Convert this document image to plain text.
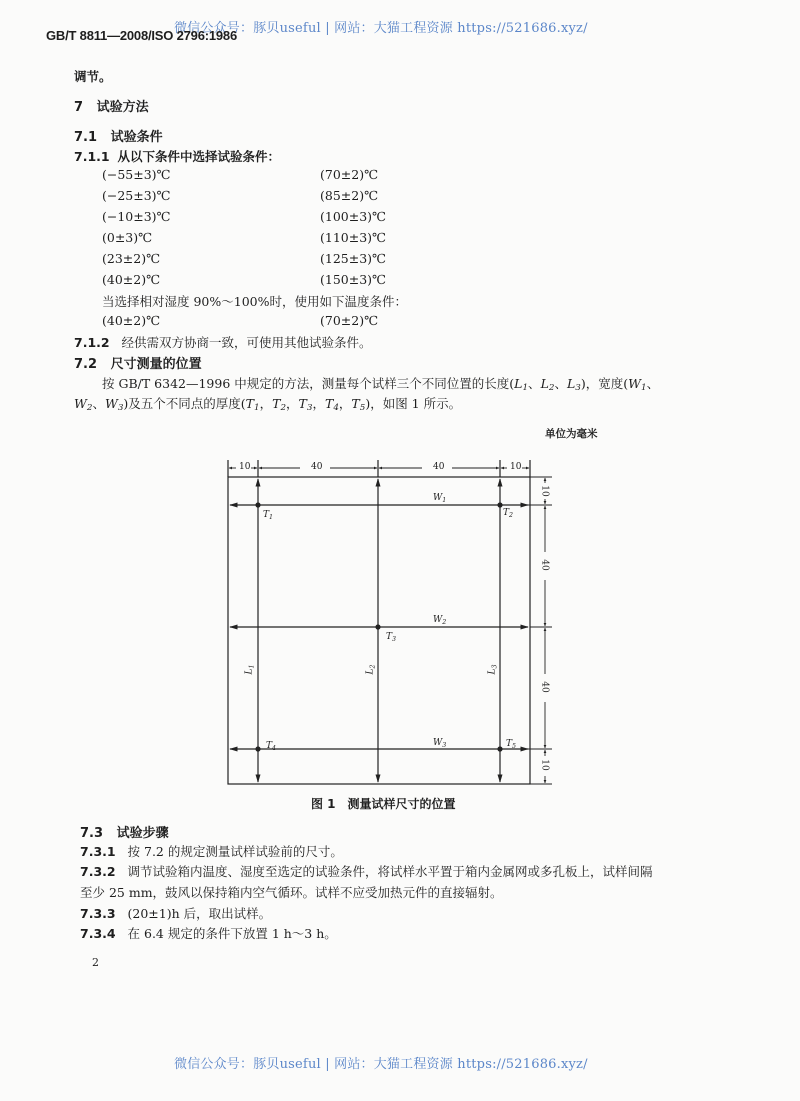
微信公众号：豚贝useful | 网站：大猫工程资源 https://521686.xyz/
GB/T 8811—2008/ISO 2796:1986
调节。
7 试验方法
7.1 试验条件
7.1.1 从以下条件中选择试验条件：
(−55±3)℃	(70±2)℃
(−25±3)℃	(85±2)℃
(−10±3)℃	(100±3)℃
(0±3)℃	(110±3)℃
(23±2)℃	(125±3)℃
(40±2)℃	(150±3)℃
当选择相对湿度 90%～100%时，使用如下温度条件：
(40±2)℃	(70±2)℃
7.1.2 经供需双方协商一致，可使用其他试验条件。
7.2 尺寸测量的位置
按 GB/T 6342—1996 中规定的方法，测量每个试样三个不同位置的长度($L_1$、$L_2$、$L_3$)，宽度($W_1$、
$W_2$、$W_3$)及五个不同点的厚度($T_1$，$T_2$，$T_3$，$T_4$，$T_5$)，如图 1 所示。
单位为毫米
10	40	40	10
10
40
40
10
$T_1$	$T_2$
$T_3$
$T_4$	$T_5$
$W_1$
$W_2$
$W_3$
$L_1$
$L_2$
$L_3$
图 1　测量试样尺寸的位置
7.3 试验步骤
7.3.1 按 7.2 的规定测量试样试验前的尺寸。
7.3.2 调节试验箱内温度、湿度至选定的试验条件，将试样水平置于箱内金属网或多孔板上，试样间隔
至少 25 mm，鼓风以保持箱内空气循环。试样不应受加热元件的直接辐射。
7.3.3 (20±1)h 后，取出试样。
7.3.4 在 6.4 规定的条件下放置 1 h～3 h。
2
微信公众号：豚贝useful | 网站：大猫工程资源 https://521686.xyz/
